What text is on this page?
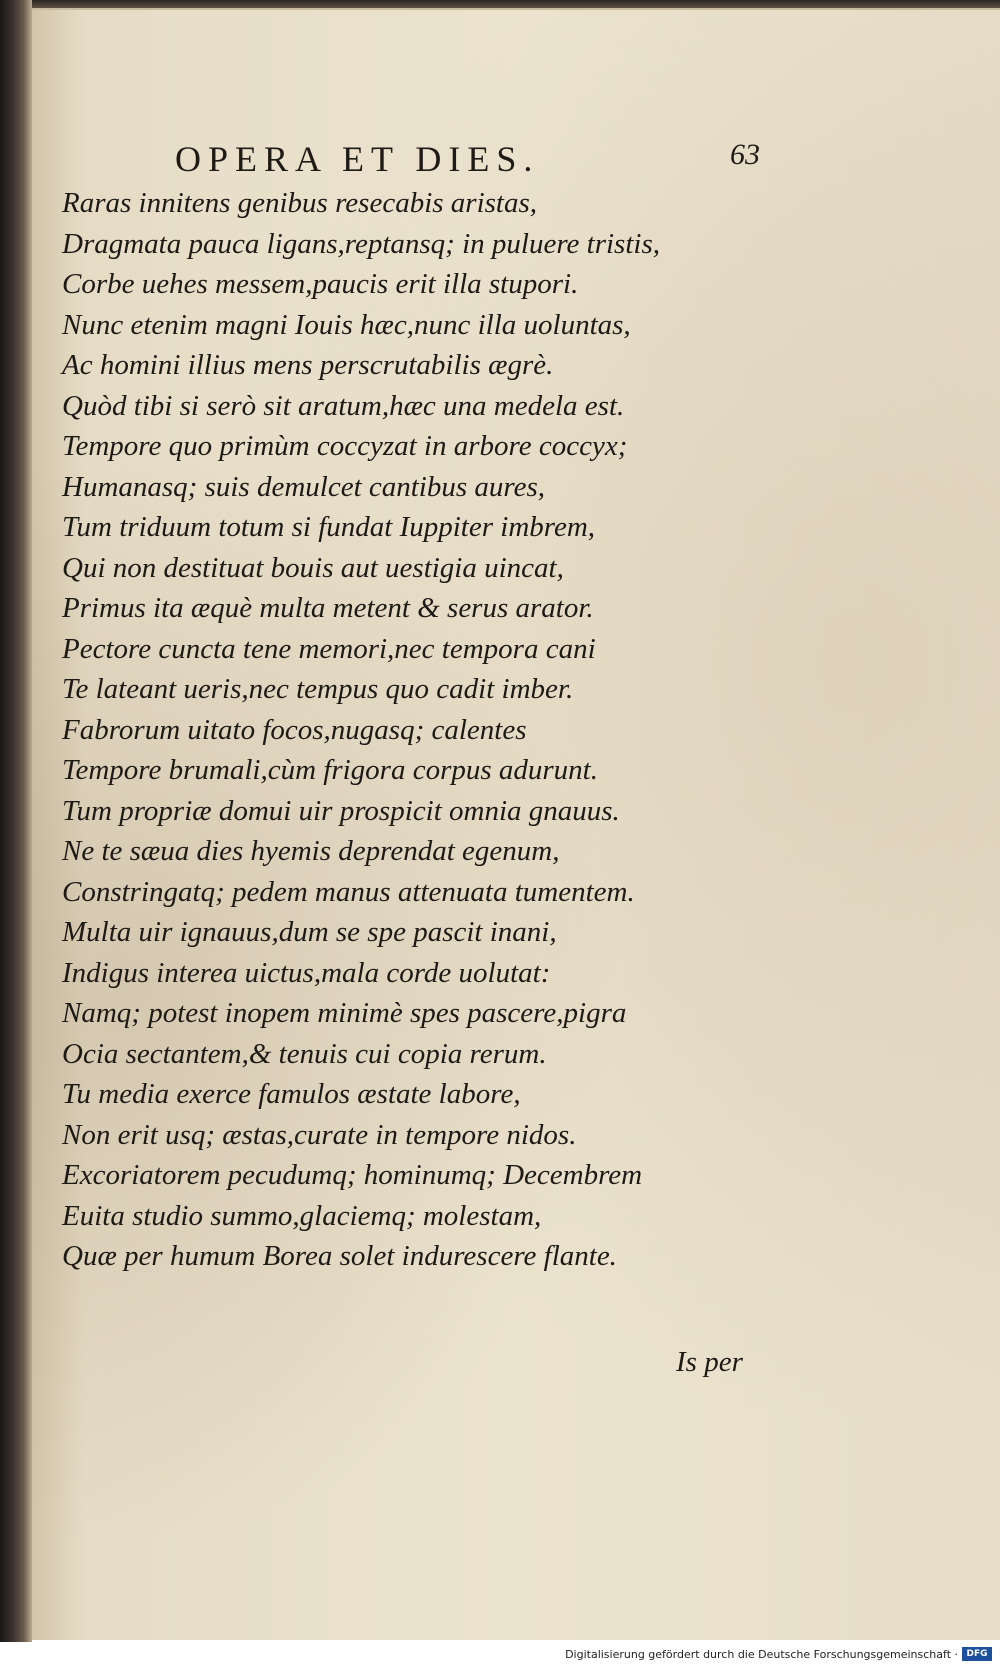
OPERA ET DIES.	63
Raras innitens genibus resecabis aristas,
Dragmata pauca ligans,reptansq; in puluere tristis,
Corbe uehes messem,paucis erit illa stupori.
Nunc etenim magni Iouis hæc,nunc illa uoluntas,
Ac homini illius mens perscrutabilis ægrè.
Quòd tibi si serò sit aratum,hæc una medela est.
Tempore quo primùm coccyzat in arbore coccyx;
Humanasq; suis demulcet cantibus aures,
Tum triduum totum si fundat Iuppiter imbrem,
Qui non destituat bouis aut uestigia uincat,
Primus ita æquè multa metent & serus arator.
Pectore cuncta tene memori,nec tempora cani
Te lateant ueris,nec tempus quo cadit imber.
Fabrorum uitato focos,nugasq; calentes
Tempore brumali,cùm frigora corpus adurunt.
Tum propriæ domui uir prospicit omnia gnauus.
Ne te sæua dies hyemis deprendat egenum,
Constringatq; pedem manus attenuata tumentem.
Multa uir ignauus,dum se spe pascit inani,
Indigus interea uictus,mala corde uolutat:
Namq; potest inopem minimè spes pascere,pigra
Ocia sectantem,& tenuis cui copia rerum.
Tu media exerce famulos æstate labore,
Non erit usq; æstas,curate in tempore nidos.
Excoriatorem pecudumq; hominumq; Decembrem
Euita studio summo,glaciemq; molestam,
Quæ per humum Borea solet indurescere flante.
Is per
Digitalisierung gefördert durch die Deutsche Forschungsgemeinschaft · DFG
